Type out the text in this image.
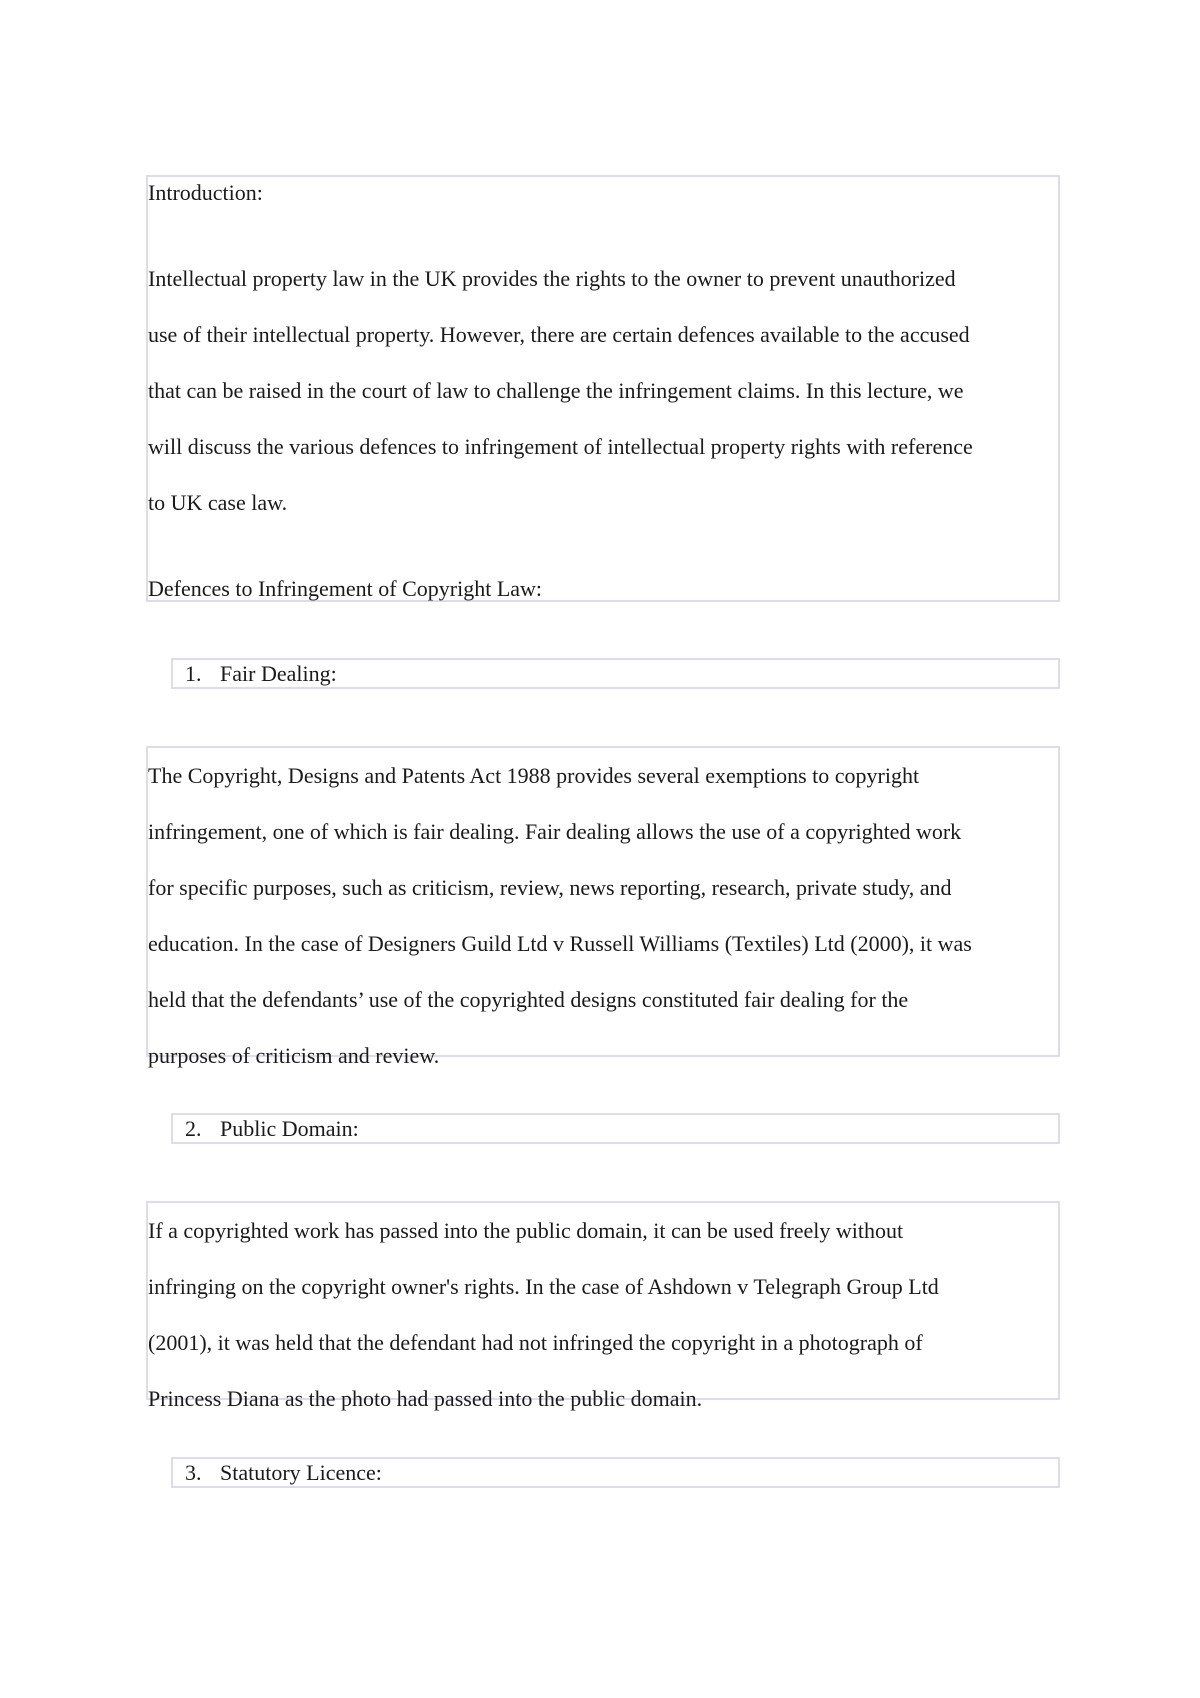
Introduction:

Intellectual property law in the UK provides the rights to the owner to prevent unauthorized

use of their intellectual property. However, there are certain defences available to the accused

that can be raised in the court of law to challenge the infringement claims. In this lecture, we

will discuss the various defences to infringement of intellectual property rights with reference

to UK case law.

Defences to Infringement of Copyright Law:
1. Fair Dealing:

The Copyright, Designs and Patents Act 1988 provides several exemptions to copyright

infringement, one of which is fair dealing. Fair dealing allows the use of a copyrighted work

for specific purposes, such as criticism, review, news reporting, research, private study, and

education. In the case of Designers Guild Ltd v Russell Williams (Textiles) Ltd (2000), it was

held that the defendants’ use of the copyrighted designs constituted fair dealing for the

purposes of criticism and review.

2. Public Domain:

If a copyrighted work has passed into the public domain, it can be used freely without

infringing on the copyright owner's rights. In the case of Ashdown v Telegraph Group Ltd

(2001), it was held that the defendant had not infringed the copyright in a photograph of

Princess Diana as the photo had passed into the public domain.

3. Statutory Licence:
